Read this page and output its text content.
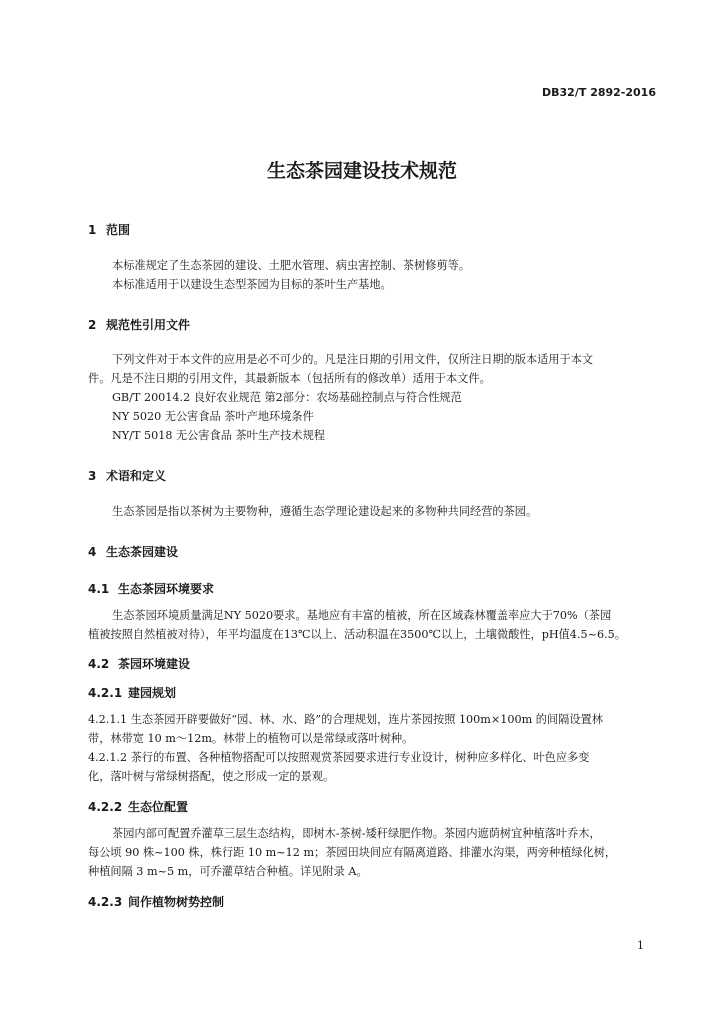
DB32/T 2892-2016
生态茶园建设技术规范
1 范围
本标准规定了生态茶园的建设、土肥水管理、病虫害控制、茶树修剪等。
本标准适用于以建设生态型茶园为目标的茶叶生产基地。
2 规范性引用文件
下列文件对于本文件的应用是必不可少的。凡是注日期的引用文件，仅所注日期的版本适用于本文
件。凡是不注日期的引用文件，其最新版本（包括所有的修改单）适用于本文件。
GB/T 20014.2 良好农业规范 第2部分：农场基础控制点与符合性规范
NY 5020 无公害食品 茶叶产地环境条件
NY/T 5018 无公害食品 茶叶生产技术规程
3 术语和定义
生态茶园是指以茶树为主要物种，遵循生态学理论建设起来的多物种共同经营的茶园。
4 生态茶园建设
4.1 生态茶园环境要求
生态茶园环境质量满足NY 5020要求。基地应有丰富的植被，所在区域森林覆盖率应大于70%（茶园
植被按照自然植被对待），年平均温度在13℃以上、活动积温在3500℃以上，土壤微酸性，pH值4.5~6.5。
4.2 茶园环境建设
4.2.1 建园规划
4.2.1.1 生态茶园开辟要做好“园、林、水、路”的合理规划，连片茶园按照 100m×100m 的间隔设置林
带，林带宽 10 m～12m。林带上的植物可以是常绿或落叶树种。
4.2.1.2 茶行的布置、各种植物搭配可以按照观赏茶园要求进行专业设计，树种应多样化、叶色应多变
化，落叶树与常绿树搭配，使之形成一定的景观。
4.2.2 生态位配置
茶园内部可配置乔灌草三层生态结构，即树木-茶树-矮秆绿肥作物。茶园内遮荫树宜种植落叶乔木，
每公顷 90 株~100 株，株行距 10 m~12 m；茶园田块间应有隔离道路、排灌水沟渠，两旁种植绿化树，
种植间隔 3 m~5 m，可乔灌草结合种植。详见附录 A。
4.2.3 间作植物树势控制
1
